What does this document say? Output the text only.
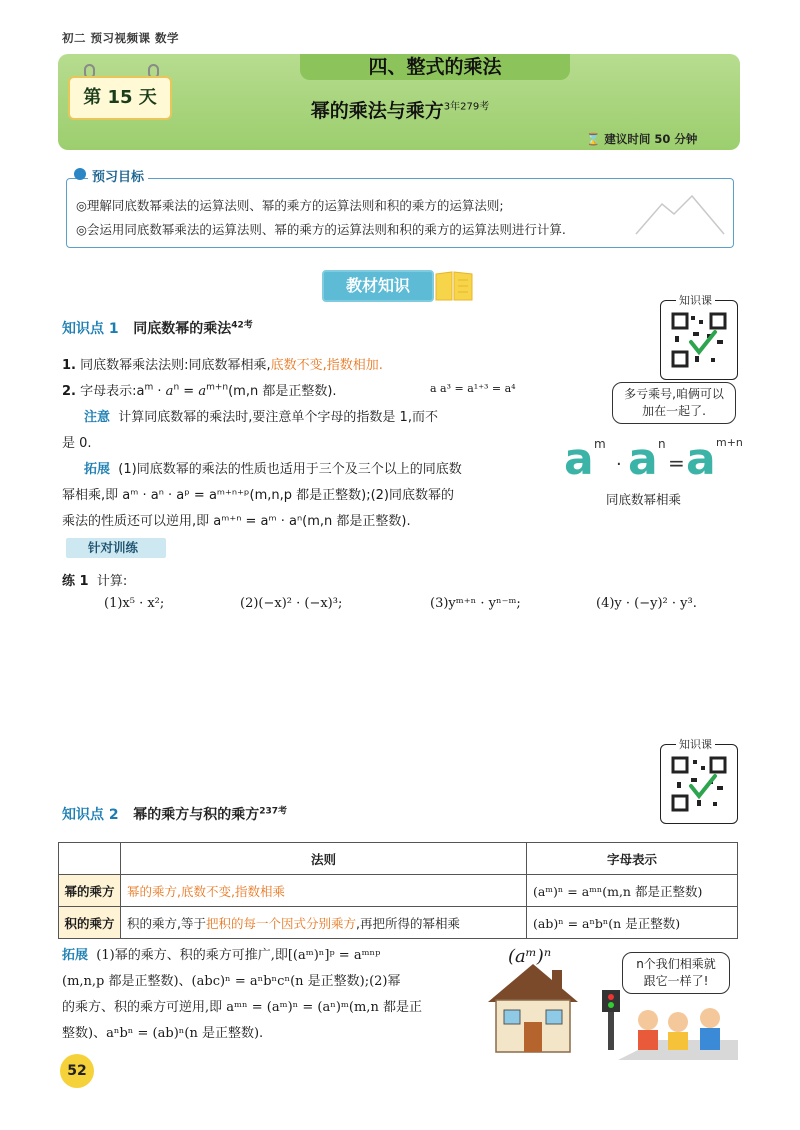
初二 预习视频课 数学
四、整式的乘法
第 15 天
幂的乘法与乘方$^{3年279考}$
⌛ 建议时间 50 分钟
预习目标
◎理解同底数幂乘法的运算法则、幂的乘方的运算法则和积的乘方的运算法则;
◎会运用同底数幂乘法的运算法则、幂的乘方的运算法则和积的乘方的运算法则进行计算.
教材知识
知识课
知识点 1 同底数幂的乘法$^{42考}$
1. 同底数幂乘法法则:同底数幂相乘,底数不变,指数相加.
2. 字母表示$:a^m \cdot a^n = a^{m+n}(m,n$ 都是正整数).	a a³ = a¹⁺³ = a⁴
注意 计算同底数幂的乘法时,要注意单个字母的指数是 1,而不
是 0.
拓展 (1)同底数幂的乘法的性质也适用于三个及三个以上的同底数
幂相乘,即 aᵐ · aⁿ · aᵖ = aᵐ⁺ⁿ⁺ᵖ(m,n,p 都是正整数);(2)同底数幂的
乘法的性质还可以逆用,即 aᵐ⁺ⁿ = aᵐ · aⁿ(m,n 都是正整数).
多亏乘号,咱俩可以加在一起了.
a m
· a n
= a m+n
同底数幂相乘
针对训练
练 1 计算:
(1)x⁵ · x²;	(2)(−x)² · (−x)³;	(3)yᵐ⁺ⁿ · yⁿ⁻ᵐ;	(4)y · (−y)² · y³.
知识课
知识点 2 幂的乘方与积的乘方$^{237考}$
	法则	字母表示
幂的乘方	幂的乘方,底数不变,指数相乘	(aᵐ)ⁿ = aᵐⁿ(m,n 都是正整数)
积的乘方	积的乘方,等于把积的每一个因式分别乘方,再把所得的幂相乘	(ab)ⁿ = aⁿbⁿ(n 是正整数)
拓展 (1)幂的乘方、积的乘方可推广,即[(aᵐ)ⁿ]ᵖ = aᵐⁿᵖ
(m,n,p 都是正整数)、(abc)ⁿ = aⁿbⁿcⁿ(n 是正整数);(2)幂
的乘方、积的乘方可逆用,即 aᵐⁿ = (aᵐ)ⁿ = (aⁿ)ᵐ(m,n 都是正
整数)、aⁿbⁿ = (ab)ⁿ(n 是正整数).
(aᵐ)ⁿ	n个我们相乘就跟它一样了!
52
